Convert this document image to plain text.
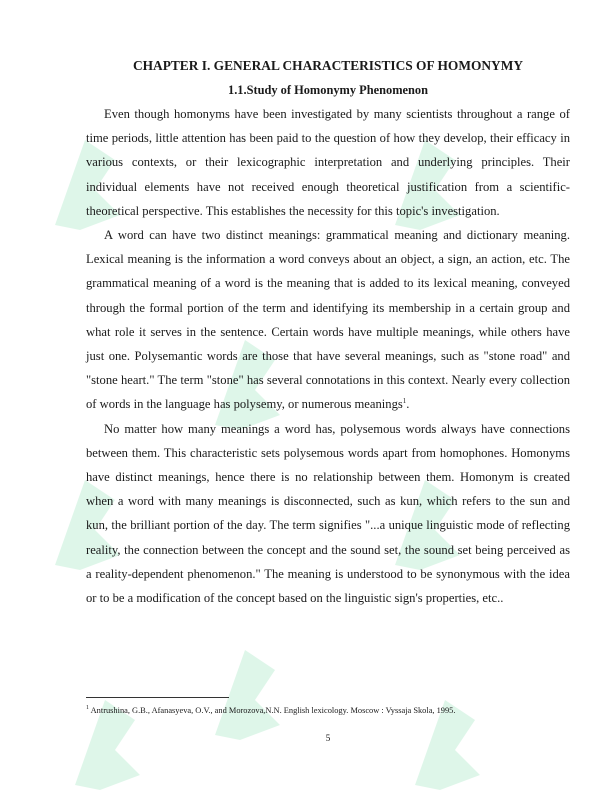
CHAPTER I. GENERAL CHARACTERISTICS OF HOMONYMY
1.1.Study of Homonymy Phenomenon

Even though homonyms have been investigated by many scientists throughout a range of time periods, little attention has been paid to the question of how they develop, their efficacy in various contexts, or their lexicographic interpretation and underlying principles. Their individual elements have not received enough theoretical justification from a scientific-theoretical perspective. This establishes the necessity for this topic's investigation.

A word can have two distinct meanings: grammatical meaning and dictionary meaning. Lexical meaning is the information a word conveys about an object, a sign, an action, etc. The grammatical meaning of a word is the meaning that is added to its lexical meaning, conveyed through the formal portion of the term and identifying its membership in a certain group and what role it serves in the sentence. Certain words have multiple meanings, while others have just one. Polysemantic words are those that have several meanings, such as "stone road" and "stone heart." The term "stone" has several connotations in this context. Nearly every collection of words in the language has polysemy, or numerous meanings$^1$.

No matter how many meanings a word has, polysemous words always have connections between them. This characteristic sets polysemous words apart from homophones. Homonyms have distinct meanings, hence there is no relationship between them. Homonym is created when a word with many meanings is disconnected, such as kun, which refers to the sun and kun, the brilliant portion of the day. The term signifies "...a unique linguistic mode of reflecting reality, the connection between the concept and the sound set, the sound set being perceived as a reality-dependent phenomenon." The meaning is understood to be synonymous with the idea or to be a modification of the concept based on the linguistic sign's properties, etc..

$^1$ Antrushina, G.B., Afanasyeva, O.V., and Morozova,N.N. English lexicology. Moscow : Vyssaja Skola, 1995.
5
